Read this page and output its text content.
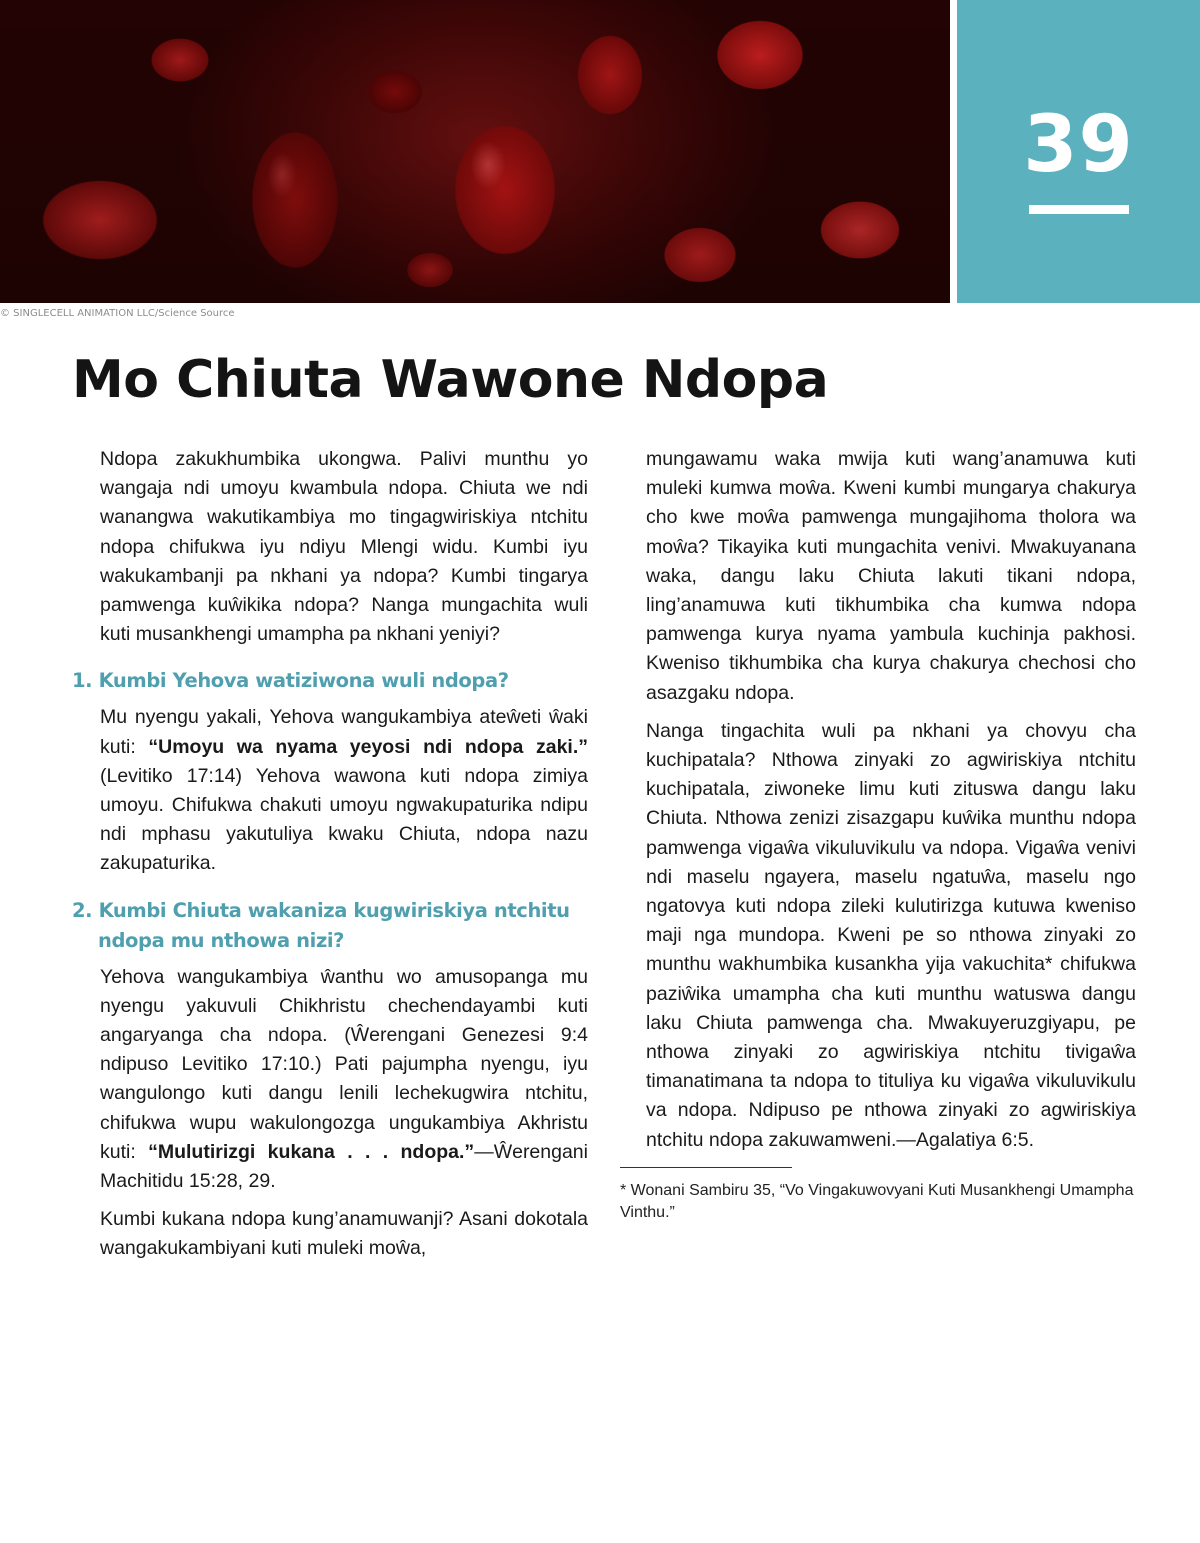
39
© SINGLECELL ANIMATION LLC/Science Source
Mo Chiuta Wawone Ndopa

Ndopa zakukhumbika ukongwa. Palivi munthu yo wangaja ndi umoyu kwambula ndopa. Chiuta we ndi wanangwa wakutikambiya mo tingagwiriskiya ntchitu ndopa chifukwa iyu ndiyu Mlengi widu. Kumbi iyu wakukambanji pa nkhani ya ndopa? Kumbi tingarya pamwenga kuŵikika ndopa? Nanga mungachita wuli kuti musankhengi umampha pa nkhani yeniyi?

1. Kumbi Yehova watiziwona wuli ndopa?

Mu nyengu yakali, Yehova wangukambiya ateŵeti ŵaki kuti: “Umoyu wa nyama yeyosi ndi ndopa zaki.” (Levitiko 17:14) Yehova wawona kuti ndopa zimiya umoyu. Chifukwa chakuti umoyu ngwakupaturika ndipu ndi mphasu yakutuliya kwaku Chiuta, ndopa nazu zakupaturika.

2. Kumbi Chiuta wakaniza kugwiriskiya ntchitu ndopa mu nthowa nizi?

Yehova wangukambiya ŵanthu wo amusopanga mu nyengu yakuvuli Chikhristu chechendayambi kuti angaryanga cha ndopa. (Ŵerengani Genezesi 9:4 ndipuso Levitiko 17:10.) Pati pajumpha nyengu, iyu wangulongo kuti dangu lenili lechekugwira ntchitu, chifukwa wupu wakulongozga ungukambiya Akhristu kuti: “Mulutirizgi kukana . . . ndopa.”—Ŵerengani Machitidu 15:28, 29.

Kumbi kukana ndopa kung’anamuwanji? Asani dokotala wangakukambiyani kuti muleki moŵa,

mungawamu waka mwija kuti wang’anamuwa kuti muleki kumwa moŵa. Kweni kumbi mungarya chakurya cho kwe moŵa pamwenga mungajihoma tholora wa moŵa? Tikayika kuti mungachita venivi. Mwakuyanana waka, dangu laku Chiuta lakuti tikani ndopa, ling’anamuwa kuti tikhumbika cha kumwa ndopa pamwenga kurya nyama yambula kuchinja pakhosi. Kweniso tikhumbika cha kurya chakurya chechosi cho asazgaku ndopa.

Nanga tingachita wuli pa nkhani ya chovyu cha kuchipatala? Nthowa zinyaki zo agwiriskiya ntchitu kuchipatala, ziwoneke limu kuti zituswa dangu laku Chiuta. Nthowa zenizi zisazgapu kuŵika munthu ndopa pamwenga vigaŵa vikuluvikulu va ndopa. Vigaŵa venivi ndi maselu ngayera, maselu ngatuŵa, maselu ngo ngatovya kuti ndopa zileki kulutirizga kutuwa kweniso maji nga mundopa. Kweni pe so nthowa zinyaki zo munthu wakhumbika kusankha yija vakuchita* chifukwa paziŵika umampha cha kuti munthu watuswa dangu laku Chiuta pamwenga cha. Mwakuyeruzgiyapu, pe nthowa zinyaki zo agwiriskiya ntchitu tivigaŵa timanatimana ta ndopa to tituliya ku vigaŵa vikuluvikulu va ndopa. Ndipuso pe nthowa zinyaki zo agwiriskiya ntchitu ndopa zakuwamweni.—Agalatiya 6:5.

* Wonani Sambiru 35, “Vo Vingakuwovyani Kuti Musankhengi Umampha Vinthu.”
